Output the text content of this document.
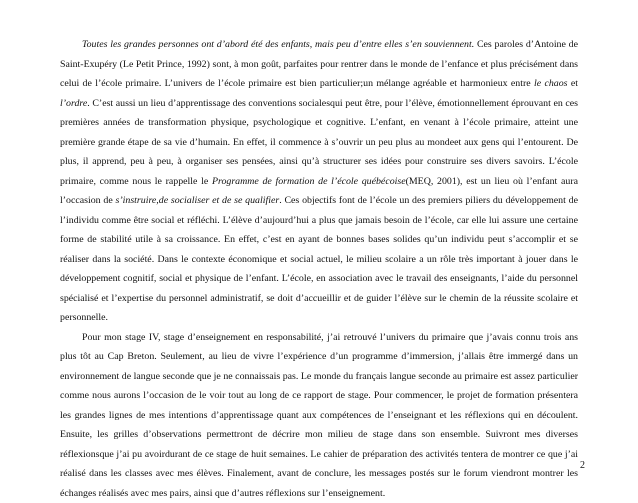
Toutes les grandes personnes ont d’abord été des enfants, mais peu d’entre elles s’en souviennent. Ces paroles d’Antoine de Saint-Exupéry (Le Petit Prince, 1992) sont, à mon goût, parfaites pour rentrer dans le monde de l’enfance et plus précisément dans celui de l’école primaire. L’univers de l’école primaire est bien particulier;un mélange agréable et harmonieux entre le chaos et l’ordre. C’est aussi un lieu d’apprentissage des conventions socialesqui peut être, pour l’élève, émotionnellement éprouvant en ces premières années de transformation physique, psychologique et cognitive. L’enfant, en venant à l’école primaire, atteint une première grande étape de sa vie d’humain. En effet, il commence à s’ouvrir un peu plus au mondeet aux gens qui l’entourent. De plus, il apprend, peu à peu, à organiser ses pensées, ainsi qu’à structurer ses idées pour construire ses divers savoirs. L’école primaire, comme nous le rappelle le Programme de formation de l’école québécoise(MEQ, 2001), est un lieu où l’enfant aura l’occasion de s’instruire,de socialiser et de se qualifier. Ces objectifs font de l’école un des premiers piliers du développement de l’individu comme être social et réfléchi. L’élève d’aujourd’hui a plus que jamais besoin de l’école, car elle lui assure une certaine forme de stabilité utile à sa croissance. En effet, c’est en ayant de bonnes bases solides qu’un individu peut s’accomplir et se réaliser dans la société. Dans le contexte économique et social actuel, le milieu scolaire a un rôle très important à jouer dans le développement cognitif, social et physique de l’enfant. L’école, en association avec le travail des enseignants, l’aide du personnel spécialisé et l’expertise du personnel administratif, se doit d’accueillir et de guider l’élève sur le chemin de la réussite scolaire et personnelle.

Pour mon stage IV, stage d’enseignement en responsabilité, j’ai retrouvé l’univers du primaire que j’avais connu trois ans plus tôt au Cap Breton. Seulement, au lieu de vivre l’expérience d’un programme d’immersion, j’allais être immergé dans un environnement de langue seconde que je ne connaissais pas. Le monde du français langue seconde au primaire est assez particulier comme nous aurons l’occasion de le voir tout au long de ce rapport de stage. Pour commencer, le projet de formation présentera les grandes lignes de mes intentions d’apprentissage quant aux compétences de l’enseignant et les réflexions qui en découlent. Ensuite, les grilles d’observations permettront de décrire mon milieu de stage dans son ensemble. Suivront mes diverses réflexionsque j’ai pu avoirdurant de ce stage de huit semaines. Le cahier de préparation des activités tentera de montrer ce que j’ai réalisé dans les classes avec mes élèves. Finalement, avant de conclure, les messages postés sur le forum viendront montrer les échanges réalisés avec mes pairs, ainsi que d’autres réflexions sur l’enseignement.

2
